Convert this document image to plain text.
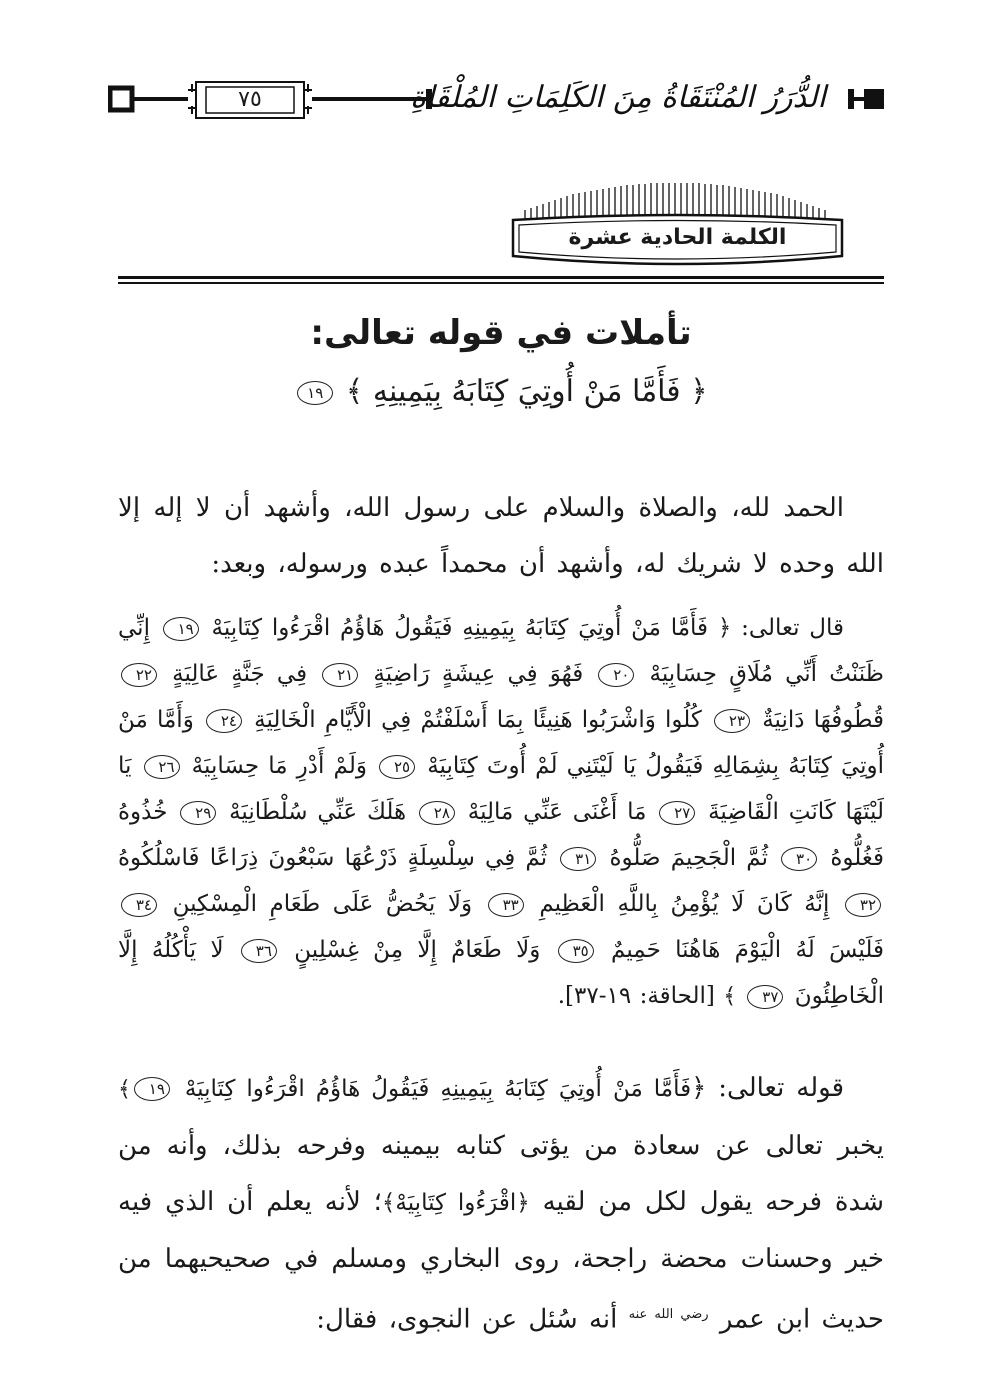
٧٥	الدُّرَرُ المُنْتَقَاةُ مِنَ الكَلِمَاتِ المُلْقَاةِ
الكلمة الحادية عشرة
تأملات في قوله تعالى:
﴿ فَأَمَّا مَنْ أُوتِيَ كِتَابَهُ بِيَمِينِهِ ﴾ ١٩

الحمد لله، والصلاة والسلام على رسول الله، وأشهد أن لا إله إلا الله وحده لا شريك له، وأشهد أن محمداً عبده ورسوله، وبعد:

قال تعالى: ﴿ فَأَمَّا مَنْ أُوتِيَ كِتَابَهُ بِيَمِينِهِ فَيَقُولُ هَاؤُمُ اقْرَءُوا كِتَابِيَهْ ١٩ إِنِّي ظَنَنْتُ أَنِّي مُلَاقٍ حِسَابِيَهْ ٢٠ فَهُوَ فِي عِيشَةٍ رَاضِيَةٍ ٢١ فِي جَنَّةٍ عَالِيَةٍ ٢٢ قُطُوفُهَا دَانِيَةٌ ٢٣ كُلُوا وَاشْرَبُوا هَنِيئًا بِمَا أَسْلَفْتُمْ فِي الْأَيَّامِ الْخَالِيَةِ ٢٤ وَأَمَّا مَنْ أُوتِيَ كِتَابَهُ بِشِمَالِهِ فَيَقُولُ يَا لَيْتَنِي لَمْ أُوتَ كِتَابِيَهْ ٢٥ وَلَمْ أَدْرِ مَا حِسَابِيَهْ ٢٦ يَا لَيْتَهَا كَانَتِ الْقَاضِيَةَ ٢٧ مَا أَغْنَى عَنِّي مَالِيَهْ ٢٨ هَلَكَ عَنِّي سُلْطَانِيَهْ ٢٩ خُذُوهُ فَغُلُّوهُ ٣٠ ثُمَّ الْجَحِيمَ صَلُّوهُ ٣١ ثُمَّ فِي سِلْسِلَةٍ ذَرْعُهَا سَبْعُونَ ذِرَاعًا فَاسْلُكُوهُ ٣٢ إِنَّهُ كَانَ لَا يُؤْمِنُ بِاللَّهِ الْعَظِيمِ ٣٣ وَلَا يَحُضُّ عَلَى طَعَامِ الْمِسْكِينِ ٣٤ فَلَيْسَ لَهُ الْيَوْمَ هَاهُنَا حَمِيمٌ ٣٥ وَلَا طَعَامٌ إِلَّا مِنْ غِسْلِينٍ ٣٦ لَا يَأْكُلُهُ إِلَّا الْخَاطِئُونَ ٣٧ ﴾ [الحاقة: ١٩-٣٧].

قوله تعالى: ﴿فَأَمَّا مَنْ أُوتِيَ كِتَابَهُ بِيَمِينِهِ فَيَقُولُ هَاؤُمُ اقْرَءُوا كِتَابِيَهْ ١٩﴾ يخبر تعالى عن سعادة من يؤتى كتابه بيمينه وفرحه بذلك، وأنه من شدة فرحه يقول لكل من لقيه ﴿اقْرَءُوا كِتَابِيَهْ﴾؛ لأنه يعلم أن الذي فيه خير وحسنات محضة راجحة، روى البخاري ومسلم في صحيحيهما من حديث ابن عمر $^{رضي الله عنه}$ أنه سُئل عن النجوى، فقال:
